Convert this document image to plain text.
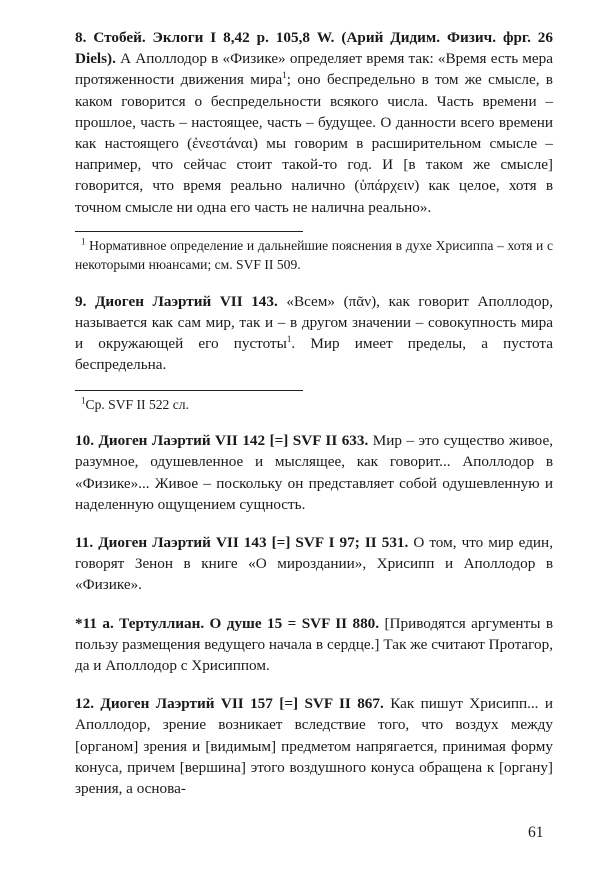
8. Стобей. Эклоги I 8,42 р. 105,8 W. (Арий Дидим. Физич. фрг. 26 Diels). А Аполлодор в «Физике» определяет время так: «Время есть мера протяженности движения мира$^1$; оно беспредельно в том же смысле, в каком говорится о беспредельности всякого числа. Часть времени – прошлое, часть – настоящее, часть – будущее. О данности всего времени как настоящего (ἐνεστάναι) мы говорим в расширительном смысле – например, что сейчас стоит такой-то год. И [в таком же смысле] говорится, что время реально налично (ὑπάρχειν) как целое, хотя в точном смысле ни одна его часть не налична реально».

$^1$ Нормативное определение и дальнейшие пояснения в духе Хрисиппа – хотя и с некоторыми нюансами; см. SVF II 509.

9. Диоген Лаэртий VII 143. «Всем» (πᾶν), как говорит Аполлодор, называется как сам мир, так и – в другом значении – совокупность мира и окружающей его пустоты$^1$. Мир имеет пределы, а пустота беспредельна.

$^1$Ср. SVF II 522 сл.

10. Диоген Лаэртий VII 142 [=] SVF II 633. Мир – это существо живое, разумное, одушевленное и мыслящее, как говорит... Аполлодор в «Физике»... Живое – поскольку он представляет собой одушевленную и наделенную ощущением сущность.

11. Диоген Лаэртий VII 143 [=] SVF I 97; II 531. О том, что мир един, говорят Зенон в книге «О мироздании», Хрисипп и Аполлодор в «Физике».

*11 а. Тертуллиан. О душе 15 = SVF II 880. [Приводятся аргументы в пользу размещения ведущего начала в сердце.] Так же считают Протагор, да и Аполлодор с Хрисиппом.

12. Диоген Лаэртий VII 157 [=] SVF II 867. Как пишут Хрисипп... и Аполлодор, зрение возникает вследствие того, что воздух между [органом] зрения и [видимым] предметом напрягается, принимая форму конуса, причем [вершина] этого воздушного конуса обращена к [органу] зрения, а основа-

61
